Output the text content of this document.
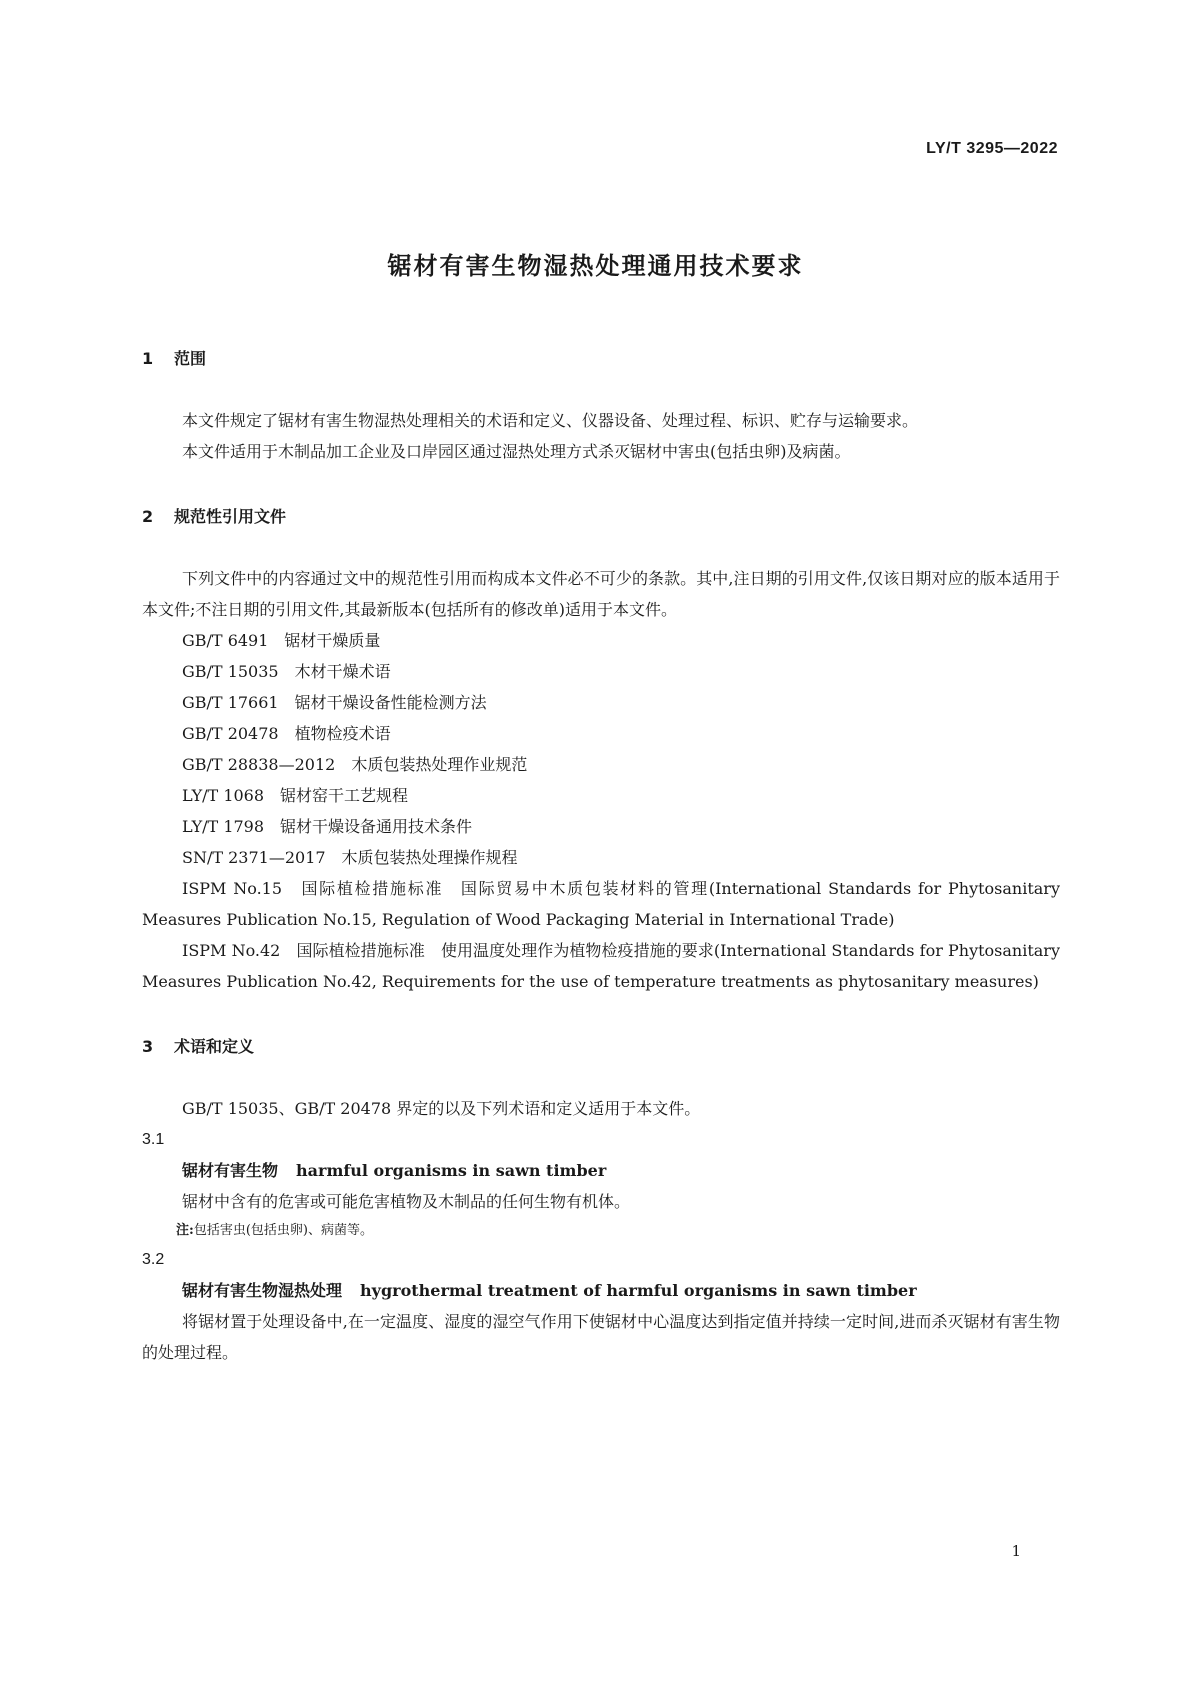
LY/T 3295—2022
锯材有害生物湿热处理通用技术要求
1 范围

本文件规定了锯材有害生物湿热处理相关的术语和定义、仪器设备、处理过程、标识、贮存与运输要求。

本文件适用于木制品加工企业及口岸园区通过湿热处理方式杀灭锯材中害虫(包括虫卵)及病菌。

2 规范性引用文件

下列文件中的内容通过文中的规范性引用而构成本文件必不可少的条款。其中,注日期的引用文件,仅该日期对应的版本适用于本文件;不注日期的引用文件,其最新版本(包括所有的修改单)适用于本文件。

GB/T 6491 锯材干燥质量
GB/T 15035 木材干燥术语
GB/T 17661 锯材干燥设备性能检测方法
GB/T 20478 植物检疫术语
GB/T 28838—2012 木质包装热处理作业规范
LY/T 1068 锯材窑干工艺规程
LY/T 1798 锯材干燥设备通用技术条件
SN/T 2371—2017 木质包装热处理操作规程

ISPM No.15　国际植检措施标准　国际贸易中木质包装材料的管理(International Standards for Phytosanitary Measures Publication No.15, Regulation of Wood Packaging Material in International Trade)

ISPM No.42　国际植检措施标准　使用温度处理作为植物检疫措施的要求(International Standards for Phytosanitary Measures Publication No.42, Requirements for the use of temperature treatments as phytosanitary measures)

3 术语和定义

GB/T 15035、GB/T 20478 界定的以及下列术语和定义适用于本文件。

3.1
锯材有害生物 harmful organisms in sawn timber

锯材中含有的危害或可能危害植物及木制品的任何生物有机体。

注:包括害虫(包括虫卵)、病菌等。
3.2
锯材有害生物湿热处理 hygrothermal treatment of harmful organisms in sawn timber

将锯材置于处理设备中,在一定温度、湿度的湿空气作用下使锯材中心温度达到指定值并持续一定时间,进而杀灭锯材有害生物的处理过程。

1
